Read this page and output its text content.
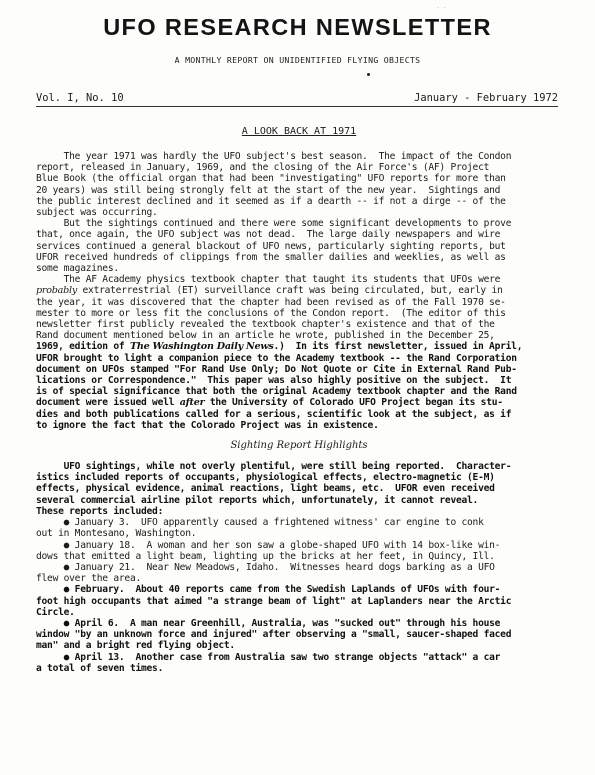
·  ·
UFO RESEARCH NEWSLETTER
A MONTHLY REPORT ON UNIDENTIFIED FLYING OBJECTS
Vol. I, No. 10	January - February 1972

A LOOK BACK AT 1971

The year 1971 was hardly the UFO subject's best season.  The impact of the Condon

report, released in January, 1969, and the closing of the Air Force's (AF) Project

Blue Book (the official organ that had been "investigating" UFO reports for more than

20 years) was still being strongly felt at the start of the new year.  Sightings and

the public interest declined and it seemed as if a dearth -- if not a dirge -- of the

subject was occurring.

But the sightings continued and there were some significant developments to prove

that, once again, the UFO subject was not dead.  The large daily newspapers and wire

services continued a general blackout of UFO news, particularly sighting reports, but

UFOR received hundreds of clippings from the smaller dailies and weeklies, as well as

some magazines.

The AF Academy physics textbook chapter that taught its students that UFOs were

probably extraterrestrial (ET) surveillance craft was being circulated, but, early in

the year, it was discovered that the chapter had been revised as of the Fall 1970 se-

mester to more or less fit the conclusions of the Condon report.  (The editor of this

newsletter first publicly revealed the textbook chapter's existence and that of the

Rand document mentioned below in an article he wrote, published in the December 25,

1969, edition of The Washington Daily News.)  In its first newsletter, issued in April,

UFOR brought to light a companion piece to the Academy textbook -- the Rand Corporation

document on UFOs stamped "For Rand Use Only; Do Not Quote or Cite in External Rand Pub-

lications or Correspondence."  This paper was also highly positive on the subject.  It

is of special significance that both the original Academy textbook chapter and the Rand

document were issued well after the University of Colorado UFO Project began its stu-

dies and both publications called for a serious, scientific look at the subject, as if

to ignore the fact that the Colorado Project was in existence.

Sighting Report Highlights

UFO sightings, while not overly plentiful, were still being reported.  Character-

istics included reports of occupants, physiological effects, electro-magnetic (E-M)

effects, physical evidence, animal reactions, light beams, etc.  UFOR even received

several commercial airline pilot reports which, unfortunately, it cannot reveal.

These reports included:

● January 3.  UFO apparently caused a frightened witness' car engine to conk

out in Montesano, Washington.

● January 18.  A woman and her son saw a globe-shaped UFO with 14 box-like win-

dows that emitted a light beam, lighting up the bricks at her feet, in Quincy, Ill.

● January 21.  Near New Meadows, Idaho.  Witnesses heard dogs barking as a UFO

flew over the area.

● February.  About 40 reports came from the Swedish Laplands of UFOs with four-

foot high occupants that aimed "a strange beam of light" at Laplanders near the Arctic

Circle.

● April 6.  A man near Greenhill, Australia, was "sucked out" through his house

window "by an unknown force and injured" after observing a "small, saucer-shaped faced

man" and a bright red flying object.

● April 13.  Another case from Australia saw two strange objects "attack" a car

a total of seven times.
